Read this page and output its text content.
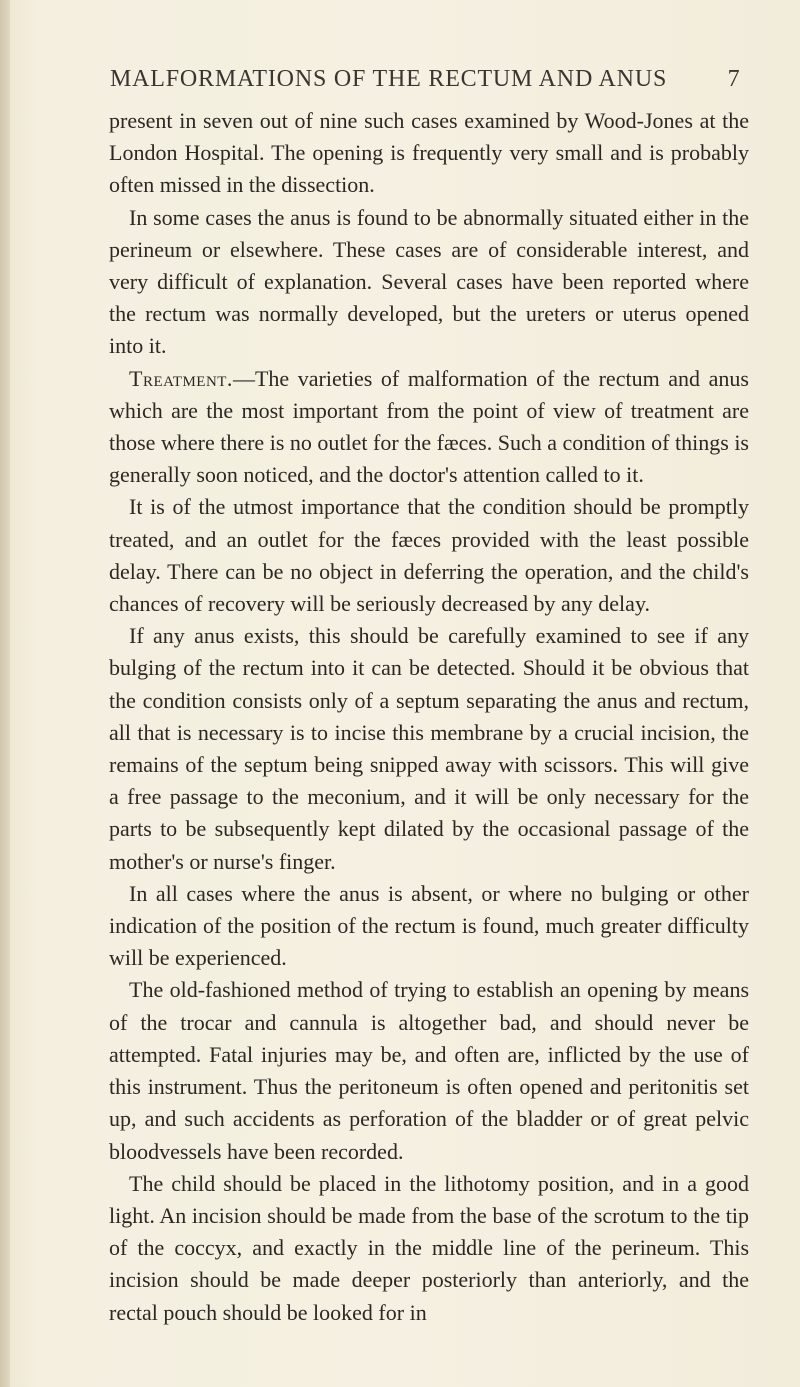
MALFORMATIONS OF THE RECTUM AND ANUS	7

present in seven out of nine such cases examined by Wood-Jones at the London Hospital. The opening is frequently very small and is probably often missed in the dissection.

In some cases the anus is found to be abnormally situated either in the perineum or elsewhere. These cases are of considerable interest, and very difficult of explanation. Several cases have been reported where the rectum was normally developed, but the ureters or uterus opened into it.

Treatment.—The varieties of malformation of the rectum and anus which are the most important from the point of view of treatment are those where there is no outlet for the fæces. Such a condition of things is generally soon noticed, and the doctor's attention called to it.

It is of the utmost importance that the condition should be promptly treated, and an outlet for the fæces provided with the least possible delay. There can be no object in deferring the operation, and the child's chances of recovery will be seriously decreased by any delay.

If any anus exists, this should be carefully examined to see if any bulging of the rectum into it can be detected. Should it be obvious that the condition consists only of a septum separating the anus and rectum, all that is necessary is to incise this membrane by a crucial incision, the remains of the septum being snipped away with scissors. This will give a free passage to the meconium, and it will be only necessary for the parts to be subsequently kept dilated by the occasional passage of the mother's or nurse's finger.

In all cases where the anus is absent, or where no bulging or other indication of the position of the rectum is found, much greater difficulty will be experienced.

The old-fashioned method of trying to establish an opening by means of the trocar and cannula is altogether bad, and should never be attempted. Fatal injuries may be, and often are, inflicted by the use of this instrument. Thus the peritoneum is often opened and peritonitis set up, and such accidents as perforation of the bladder or of great pelvic bloodvessels have been recorded.

The child should be placed in the lithotomy position, and in a good light. An incision should be made from the base of the scrotum to the tip of the coccyx, and exactly in the middle line of the perineum. This incision should be made deeper posteriorly than anteriorly, and the rectal pouch should be looked for in
